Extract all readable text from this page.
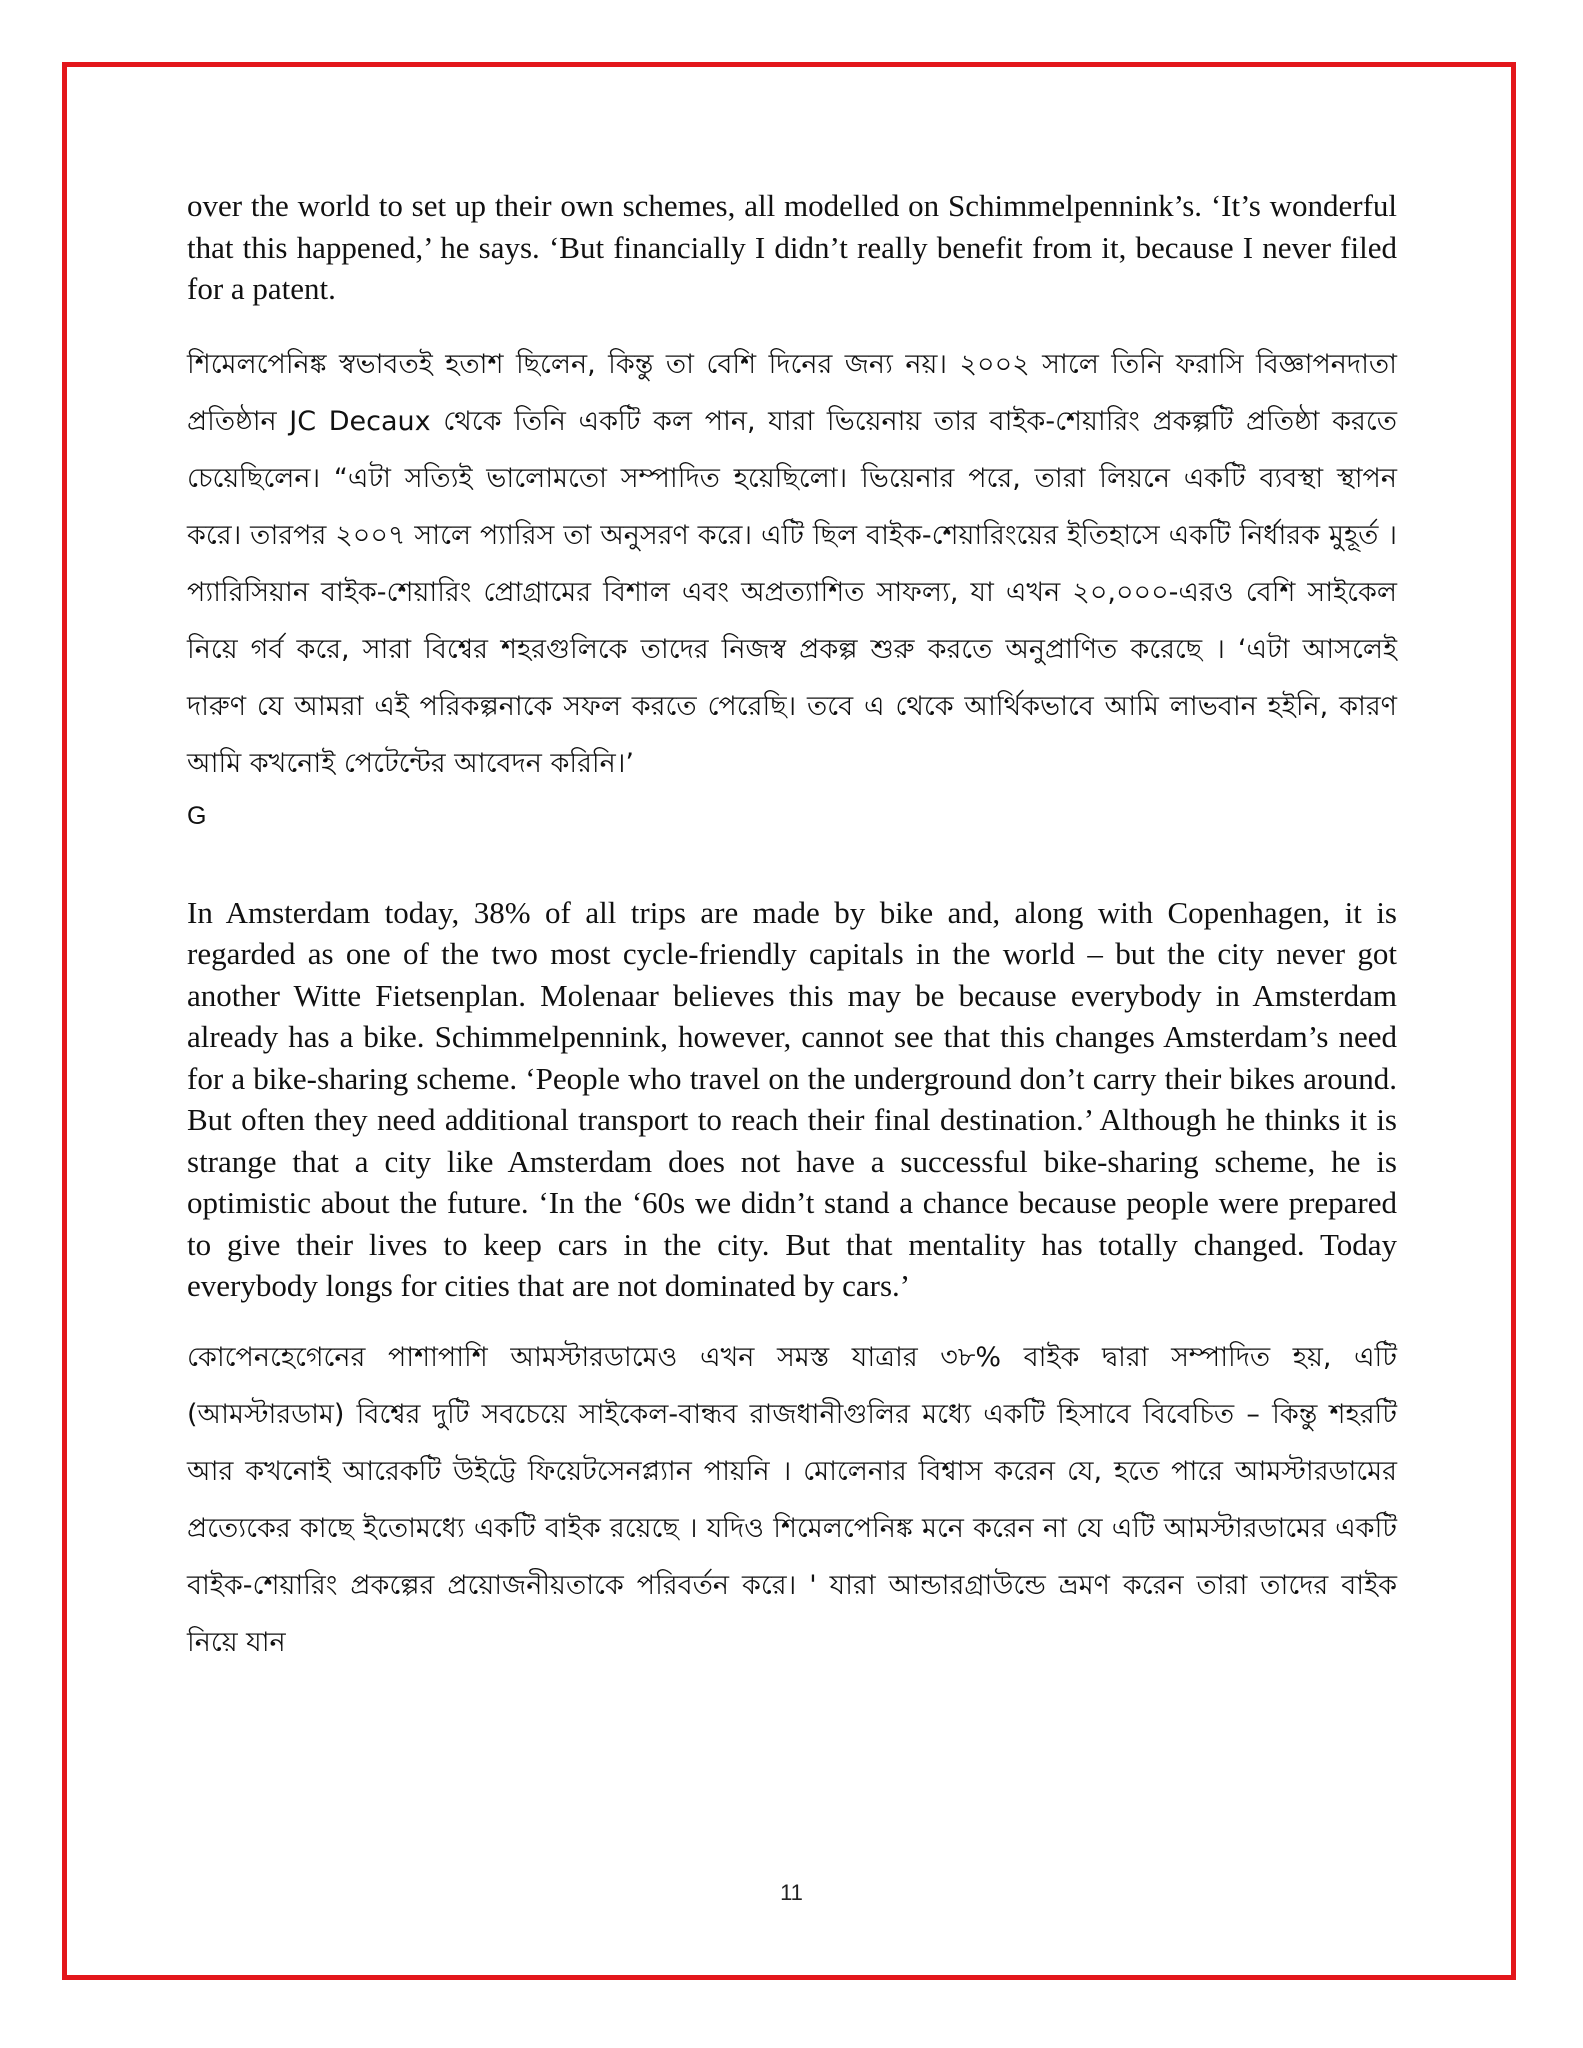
over the world to set up their own schemes, all modelled on Schimmelpennink’s. ‘It’s wonderful that this happened,’ he says. ‘But financially I didn’t really benefit from it, because I never filed for a patent.

শিমেলপেনিঙ্ক স্বভাবতই হতাশ ছিলেন, কিন্তু তা বেশি দিনের জন্য নয়। ২০০২ সালে তিনি ফরাসি বিজ্ঞাপনদাতা প্রতিষ্ঠান JC Decaux থেকে তিনি একটি কল পান, যারা ভিয়েনায় তার বাইক-শেয়ারিং প্রকল্পটি প্রতিষ্ঠা করতে চেয়েছিলেন। “এটা সত্যিই ভালোমতো সম্পাদিত হয়েছিলো। ভিয়েনার পরে, তারা লিয়নে একটি ব্যবস্থা স্থাপন করে। তারপর ২০০৭ সালে প্যারিস তা অনুসরণ করে। এটি ছিল বাইক-শেয়ারিংয়ের ইতিহাসে একটি নির্ধারক মুহূর্ত । প্যারিসিয়ান বাইক-শেয়ারিং প্রোগ্রামের বিশাল এবং অপ্রত্যাশিত সাফল্য, যা এখন ২০,০০০-এরও বেশি সাইকেল নিয়ে গর্ব করে, সারা বিশ্বের শহরগুলিকে তাদের নিজস্ব প্রকল্প শুরু করতে অনুপ্রাণিত করেছে । ‘এটা আসলেই দারুণ যে আমরা এই পরিকল্পনাকে সফল করতে পেরেছি। তবে এ থেকে আর্থিকভাবে আমি লাভবান হইনি, কারণ আমি কখনোই পেটেন্টের আবেদন করিনি।’

G

In Amsterdam today, 38% of all trips are made by bike and, along with Copenhagen, it is regarded as one of the two most cycle-friendly capitals in the world – but the city never got another Witte Fietsenplan. Molenaar believes this may be because everybody in Amsterdam already has a bike. Schimmelpennink, however, cannot see that this changes Amsterdam’s need for a bike-sharing scheme. ‘People who travel on the underground don’t carry their bikes around. But often they need additional transport to reach their final destination.’ Although he thinks it is strange that a city like Amsterdam does not have a successful bike-sharing scheme, he is optimistic about the future. ‘In the ‘60s we didn’t stand a chance because people were prepared to give their lives to keep cars in the city. But that mentality has totally changed. Today everybody longs for cities that are not dominated by cars.’

কোপেনহেগেনের পাশাপাশি আমস্টারডামেও এখন সমস্ত যাত্রার ৩৮% বাইক দ্বারা সম্পাদিত হয়, এটি (আমস্টারডাম) বিশ্বের দুটি সবচেয়ে সাইকেল-বান্ধব রাজধানীগুলির মধ্যে একটি হিসাবে বিবেচিত – কিন্তু শহরটি আর কখনোই আরেকটি উইট্টে ফিয়েটসেনপ্ল্যান পায়নি । মোলেনার বিশ্বাস করেন যে, হতে পারে আমস্টারডামের প্রত্যেকের কাছে ইতোমধ্যে একটি বাইক রয়েছে । যদিও শিমেলপেনিঙ্ক মনে করেন না যে এটি আমস্টারডামের একটি বাইক-শেয়ারিং প্রকল্পের প্রয়োজনীয়তাকে পরিবর্তন করে। ' যারা আন্ডারগ্রাউন্ডে ভ্রমণ করেন তারা তাদের বাইক নিয়ে যান

11
